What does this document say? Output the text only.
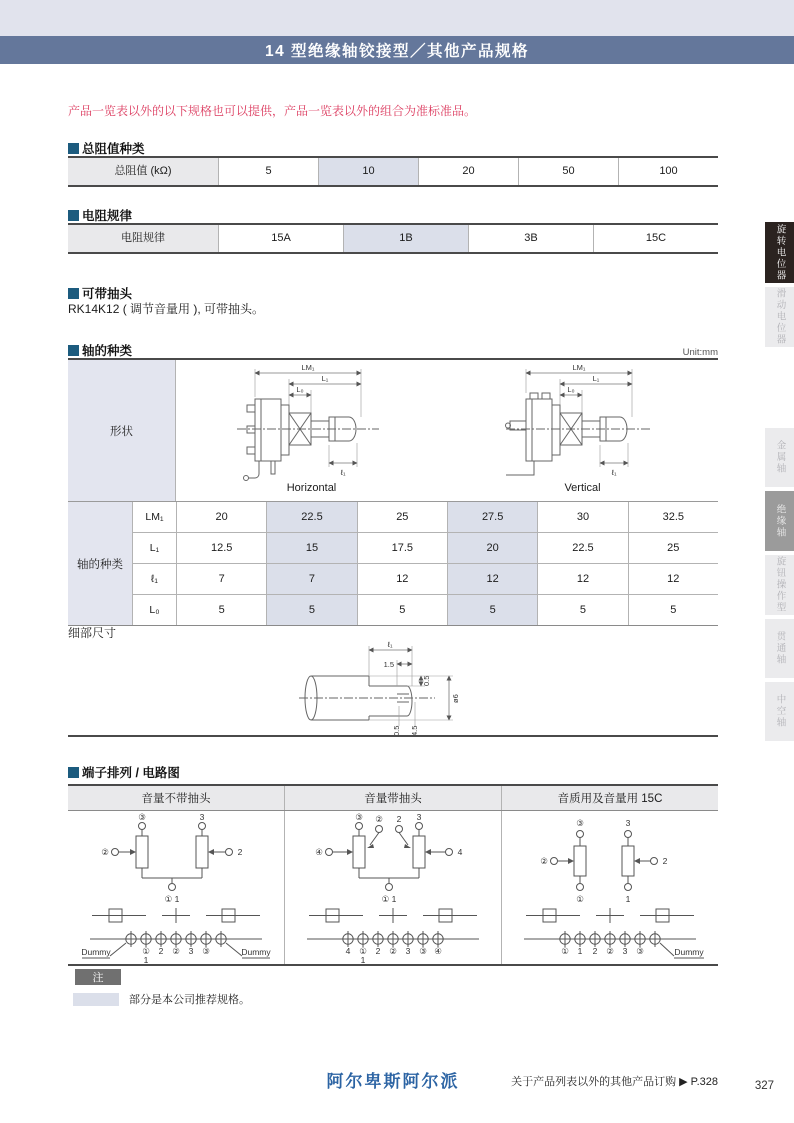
14 型绝缘轴铰接型／其他产品规格
产品一览表以外的以下规格也可以提供，产品一览表以外的组合为准标准品。
总阻值种类
总阻值 (kΩ)	5	10	20	50	100
电阻规律
电阻规律	15A	1B	3B	15C
可带抽头
RK14K12 ( 调节音量用 ), 可带抽头。
轴的种类	Unit:mm
形状
LM₁
L₁
L₀
ℓ₁
Horizontal
LM₁
L₁
L₀
ℓ₁
Vertical
轴的种类
LM₁	20	22.5	25	27.5	30	32.5
L₁	12.5	15	17.5	20	22.5	25
ℓ₁	7	7	12	12	12	12
L₀	5	5	5	5	5	5
细部尺寸
ℓ₁
1.5
0.5
ø6
0.5 4.5
端子排列 / 电路图
音量不带抽头	音量带抽头	音质用及音量用 15C
③	3
②	2
① 1
① 2 ② 3 ③
1
Dummy	Dummy
③	3
② 2
④	4
① 1
4 ① 2 ② 3 ③ ④
1
③	3
②	2
①	1
① 1 2 ② 3 ③	Dummy
注
部分是本公司推荐规格。
阿尔卑斯阿尔派	关于产品列表以外的其他产品订购 ▶ P.328	327
旋转电位器
滑动电位器
金属轴
绝缘轴
旋钮操作型
贯通轴
中空轴
